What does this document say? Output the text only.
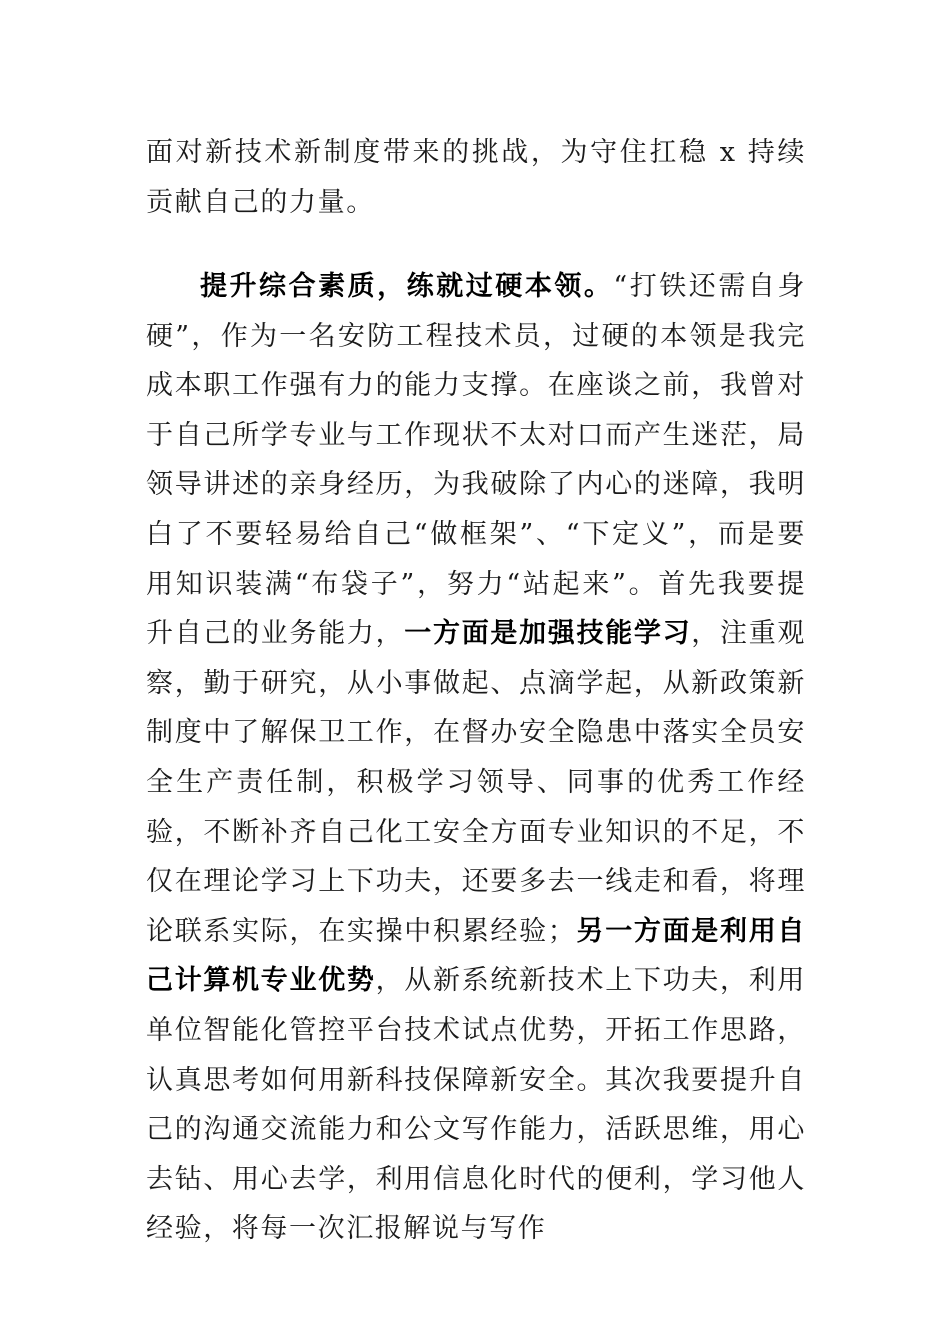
面对新技术新制度带来的挑战，为守住扛稳 x 持续贡献自己的力量。

提升综合素质，练就过硬本领。“打铁还需自身硬”，作为一名安防工程技术员，过硬的本领是我完成本职工作强有力的能力支撑。在座谈之前，我曾对于自己所学专业与工作现状不太对口而产生迷茫，局领导讲述的亲身经历，为我破除了内心的迷障，我明白了不要轻易给自己“做框架”、“下定义”，而是要用知识装满“布袋子”，努力“站起来”。首先我要提升自己的业务能力，一方面是加强技能学习，注重观察，勤于研究，从小事做起、点滴学起，从新政策新制度中了解保卫工作，在督办安全隐患中落实全员安全生产责任制，积极学习领导、同事的优秀工作经验，不断补齐自己化工安全方面专业知识的不足，不仅在理论学习上下功夫，还要多去一线走和看，将理论联系实际，在实操中积累经验；另一方面是利用自己计算机专业优势，从新系统新技术上下功夫，利用单位智能化管控平台技术试点优势，开拓工作思路，认真思考如何用新科技保障新安全。其次我要提升自己的沟通交流能力和公文写作能力，活跃思维，用心去钻、用心去学，利用信息化时代的便利，学习他人经验，将每一次汇报解说与写作
